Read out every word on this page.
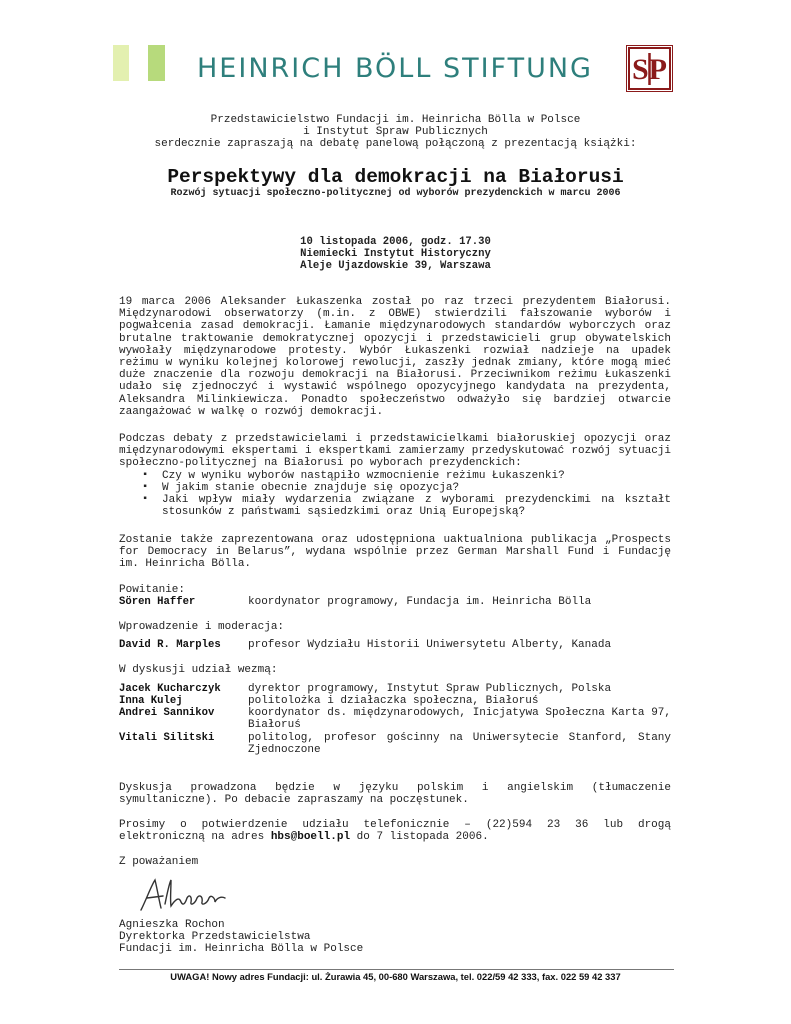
HEINRICH BÖLL STIFTUNG SP
Przedstawicielstwo Fundacji im. Heinricha Bölla w Polsce
i Instytut Spraw Publicznych
serdecznie zapraszają na debatę panelową połączoną z prezentacją książki:
Perspektywy dla demokracji na Białorusi
Rozwój sytuacji społeczno-politycznej od wyborów prezydenckich w marcu 2006
10 listopada 2006, godz. 17.30
Niemiecki Instytut Historyczny
Aleje Ujazdowskie 39, Warszawa
19 marca 2006 Aleksander Łukaszenka został po raz trzeci prezydentem Białorusi. Międzynarodowi obserwatorzy (m.in. z OBWE) stwierdzili fałszowanie wyborów i pogwałcenia zasad demokracji. Łamanie międzynarodowych standardów wyborczych oraz brutalne traktowanie demokratycznej opozycji i przedstawicieli grup obywatelskich wywołały międzynarodowe protesty. Wybór Łukaszenki rozwiał nadzieje na upadek reżimu w wyniku kolejnej kolorowej rewolucji, zaszły jednak zmiany, które mogą mieć duże znaczenie dla rozwoju demokracji na Białorusi. Przeciwnikom reżimu Łukaszenki udało się zjednoczyć i wystawić wspólnego opozycyjnego kandydata na prezydenta, Aleksandra Milinkiewicza. Ponadto społeczeństwo odważyło się bardziej otwarcie zaangażować w walkę o rozwój demokracji.
Podczas debaty z przedstawicielami i przedstawicielkami białoruskiej opozycji oraz międzynarodowymi ekspertami i ekspertkami zamierzamy przedyskutować rozwój sytuacji społeczno-politycznej na Białorusi po wyborach prezydenckich:
▪ Czy w wyniku wyborów nastąpiło wzmocnienie reżimu Łukaszenki?
▪ W jakim stanie obecnie znajduje się opozycja?
▪ Jaki wpływ miały wydarzenia związane z wyborami prezydenckimi na kształt stosunków z państwami sąsiedzkimi oraz Unią Europejską?
Zostanie także zaprezentowana oraz udostępniona uaktualniona publikacja „Prospects for Democracy in Belarus”, wydana wspólnie przez German Marshall Fund i Fundację im. Heinricha Bölla.
Powitanie:
Sören Haffer	koordynator programowy, Fundacja im. Heinricha Bölla
Wprowadzenie i moderacja:
David R. Marples profesor Wydziału Historii Uniwersytetu Alberty, Kanada
W dyskusji udział wezmą:
Jacek Kucharczyk dyrektor programowy, Instytut Spraw Publicznych, Polska
Inna Kulej	politolożka i działaczka społeczna, Białoruś
Andrei Sannikov	koordynator ds. międzynarodowych, Inicjatywa Społeczna Karta 97, Białoruś
Vitali Silitski	politolog, profesor gościnny na Uniwersytecie Stanford, Stany Zjednoczone
Dyskusja prowadzona będzie w języku polskim i angielskim (tłumaczenie symultaniczne). Po debacie zapraszamy na poczęstunek.
Prosimy o potwierdzenie udziału telefonicznie – (22)594 23 36 lub drogą elektroniczną na adres hbs@boell.pl do 7 listopada 2006.
Z poważaniem
Agnieszka Rochon
Dyrektorka Przedstawicielstwa
Fundacji im. Heinricha Bölla w Polsce
UWAGA! Nowy adres Fundacji: ul. Żurawia 45, 00-680 Warszawa, tel. 022/59 42 333, fax. 022 59 42 337
